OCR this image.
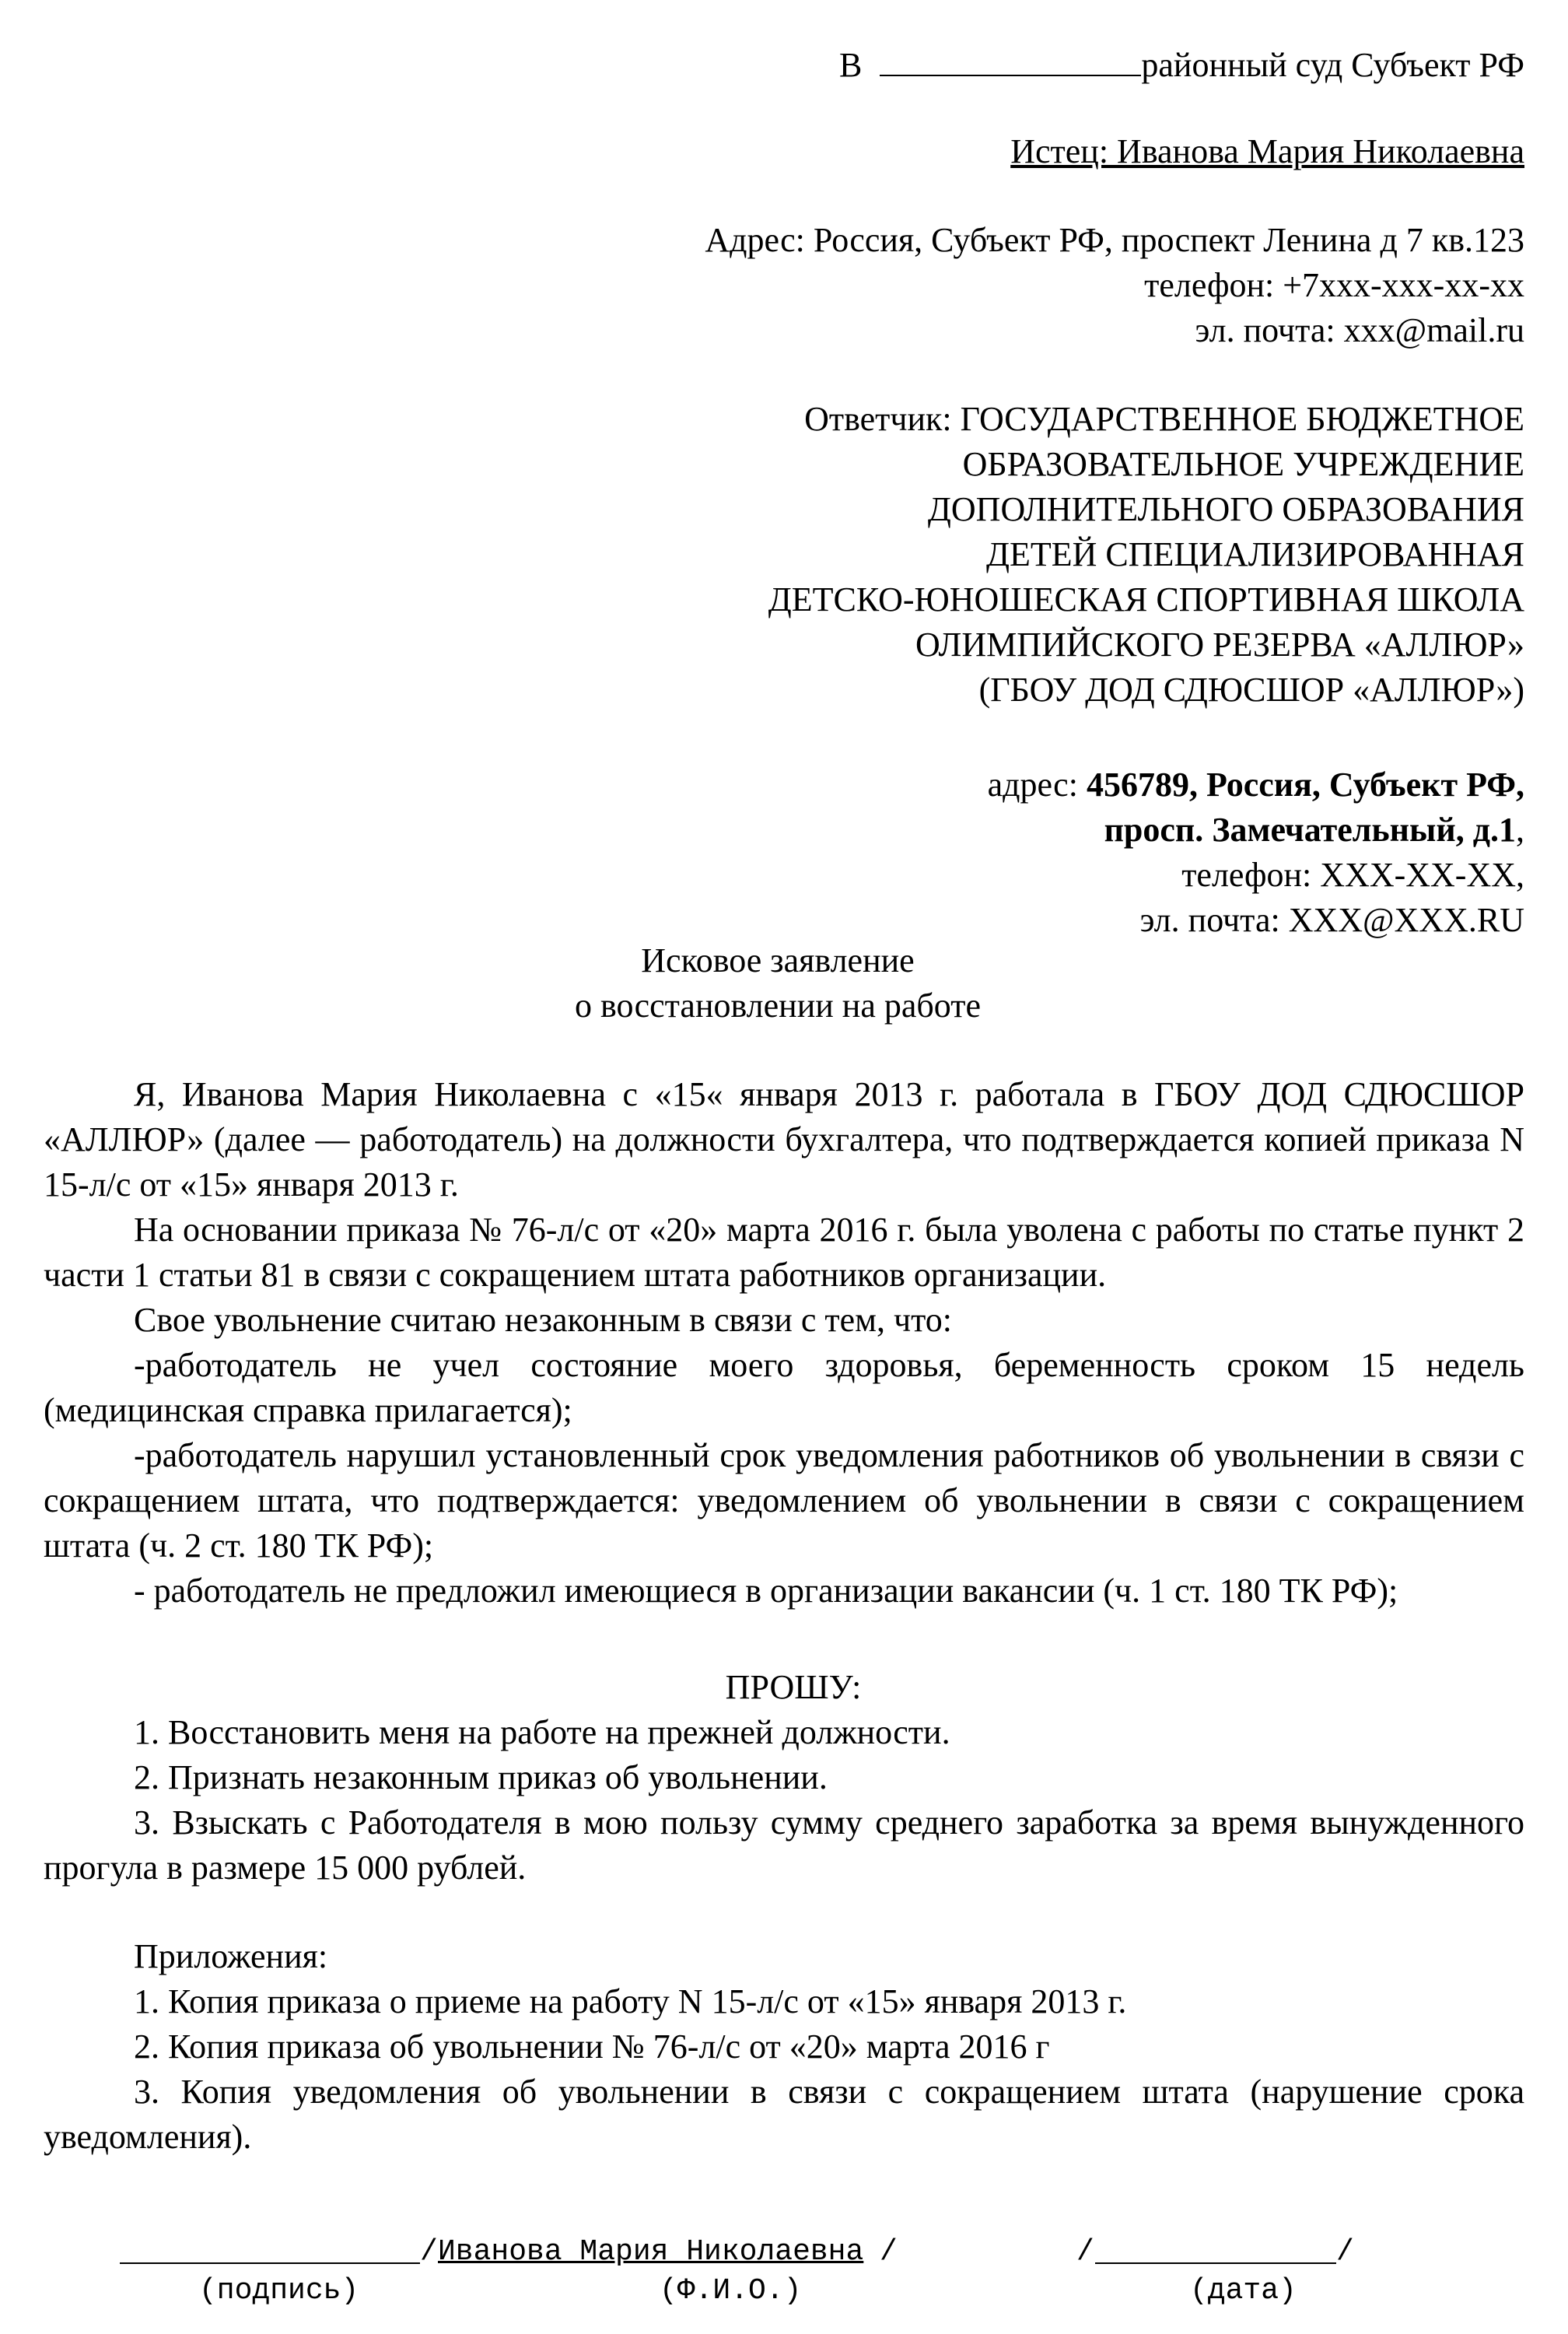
В	районный суд Субъект РФ
Истец: Иванова Мария Николаевна
Адрес: Россия, Субъект РФ, проспект Ленина д 7 кв.123
телефон: +7ххх-ххх-хх-хх
эл. почта: ххх@mail.ru
Ответчик: ГОСУДАРСТВЕННОЕ БЮДЖЕТНОЕ
ОБРАЗОВАТЕЛЬНОЕ УЧРЕЖДЕНИЕ
ДОПОЛНИТЕЛЬНОГО ОБРАЗОВАНИЯ
ДЕТЕЙ СПЕЦИАЛИЗИРОВАННАЯ
ДЕТСКО-ЮНОШЕСКАЯ СПОРТИВНАЯ ШКОЛА
ОЛИМПИЙСКОГО РЕЗЕРВА «АЛЛЮР»
(ГБОУ ДОД СДЮСШОР «АЛЛЮР»)
адрес: 456789, Россия, Субъект РФ,
просп. Замечательный, д.1,
телефон: ХХХ-ХХ-ХХ,
эл. почта: ХХХ@ХХХ.RU
Исковое заявление
о восстановлении на работе

Я, Иванова Мария Николаевна с «15« января 2013 г. работала в ГБОУ ДОД СДЮСШОР «АЛЛЮР» (далее — работодатель) на должности бухгалтера, что подтверждается копией приказа N 15-л/с от «15» января 2013 г.

На основании приказа № 76-л/с от «20» марта 2016 г. была уволена с работы по статье пункт 2 части 1 статьи 81 в связи с сокращением штата работников организации.

Свое увольнение считаю незаконным в связи с тем, что:

-работодатель не учел состояние моего здоровья, беременность сроком 15 недель (медицинская справка прилагается);

-работодатель нарушил установленный срок уведомления работников об увольнении в связи с сокращением штата, что подтверждается: уведомлением об увольнении в связи с сокращением штата (ч. 2 ст. 180 ТК РФ);

- работодатель не предложил имеющиеся в организации вакансии (ч. 1 ст. 180 ТК РФ);

ПРОШУ:

1. Восстановить меня на работе на прежней должности.

2. Признать незаконным приказ об увольнении.

3. Взыскать с Работодателя в мою пользу сумму среднего заработка за время вынужденного прогула в размере 15 000 рублей.

Приложения:

1. Копия приказа о приеме на работу N 15-л/с от «15» января 2013 г.

2. Копия приказа об увольнении № 76-л/с от «20» марта 2016 г

3. Копия уведомления об увольнении в связи с сокращением штата (нарушение срока уведомления).

/ Иванова Мария Николаевна /	/	/
(подпись)	(Ф.И.О.)	(дата)
